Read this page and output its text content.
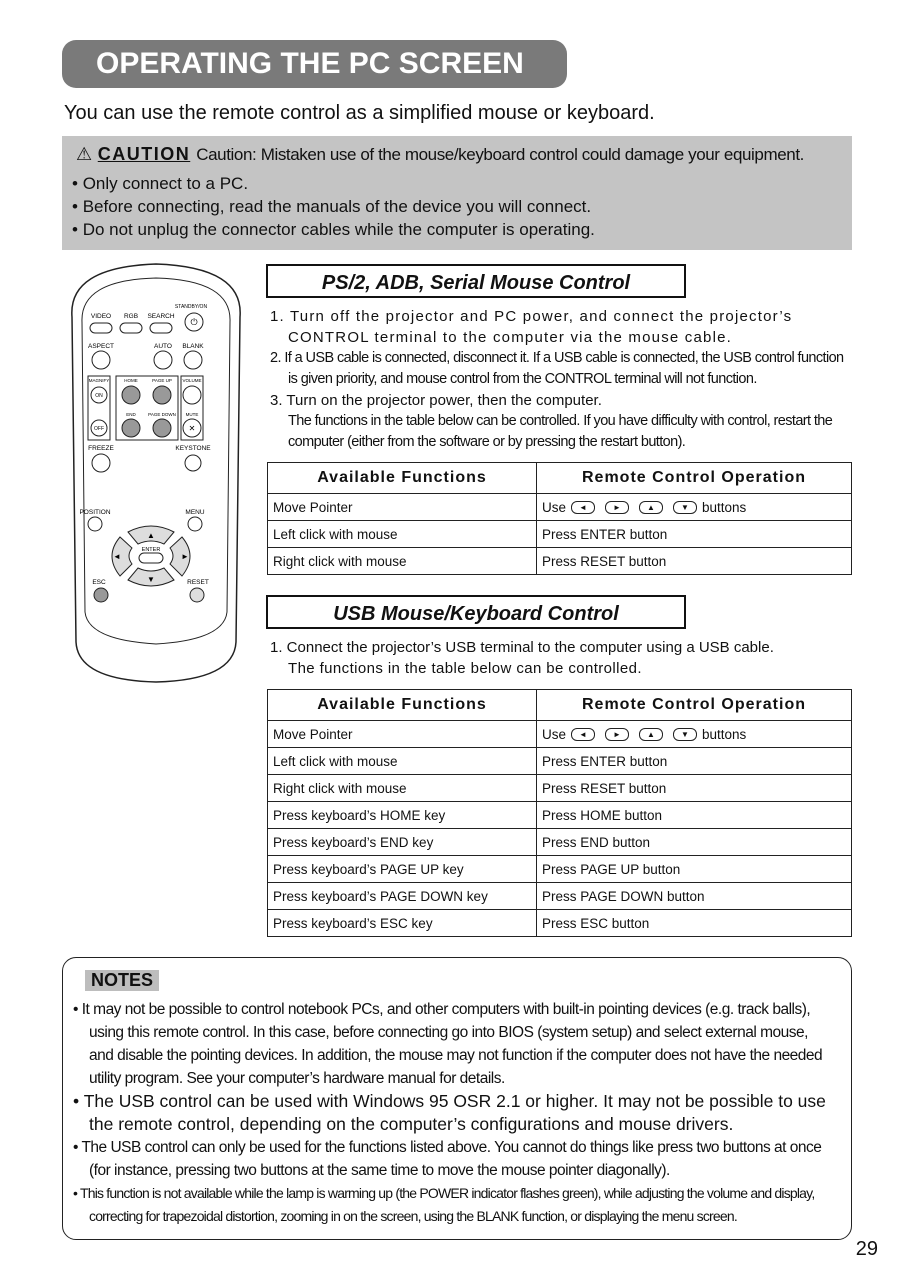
OPERATING THE PC SCREEN
You can use the remote control as a simplified mouse or keyboard.
⚠ CAUTION Caution: Mistaken use of the mouse/keyboard control could damage your equipment.
• Only connect to a PC.
• Before connecting, read the manuals of the device you will connect.
• Do not unplug the connector cables while the computer is operating.
STANDBY/ON
⏻
VIDEO RGB SEARCH
ASPECT	AUTO BLANK
MAGNIFY
ON
OFF
HOME	PAGE UP
END	PAGE DOWN
VOLUME
MUTE
✕
FREEZE	KEYSTONE
POSITION	MENU
▲
▼
◄	►
ENTER
ESC	RESET
PS/2, ADB, Serial Mouse Control
1. Turn off the projector and PC power, and connect the projector’s CONTROL terminal to the computer via the mouse cable.
2. If a USB cable is connected, disconnect it. If a USB cable is connected, the USB control function is given priority, and mouse control from the CONTROL terminal will not function.
3. Turn on the projector power, then the computer.
The functions in the table below can be controlled. If you have difficulty with control, restart the computer (either from the software or by pressing the restart button).
Available Functions	Remote Control Operation
Move Pointer	Use ◄ ► ▲ ▼ buttons
Left click with mouse	Press ENTER button
Right click with mouse	Press RESET button
USB Mouse/Keyboard Control
1. Connect the projector’s USB terminal to the computer using a USB cable.
The functions in the table below can be controlled.
Available Functions	Remote Control Operation
Move Pointer	Use ◄ ► ▲ ▼ buttons
Left click with mouse	Press ENTER button
Right click with mouse	Press RESET button
Press keyboard’s HOME key	Press HOME button
Press keyboard’s END key	Press END button
Press keyboard’s PAGE UP key	Press PAGE UP button
Press keyboard’s PAGE DOWN key	Press PAGE DOWN button
Press keyboard’s ESC key	Press ESC button
NOTES
• It may not be possible to control notebook PCs, and other computers with built-in pointing devices (e.g. track balls), using this remote control. In this case, before connecting go into BIOS (system setup) and select external mouse, and disable the pointing devices. In addition, the mouse may not function if the computer does not have the needed utility program. See your computer’s hardware manual for details.
• The USB control can be used with Windows 95 OSR 2.1 or higher. It may not be possible to use the remote control, depending on the computer’s configurations and mouse drivers.
• The USB control can only be used for the functions listed above. You cannot do things like press two buttons at once (for instance, pressing two buttons at the same time to move the mouse pointer diagonally).
• This function is not available while the lamp is warming up (the POWER indicator flashes green), while adjusting the volume and display, correcting for trapezoidal distortion, zooming in on the screen, using the BLANK function, or displaying the menu screen.
29
